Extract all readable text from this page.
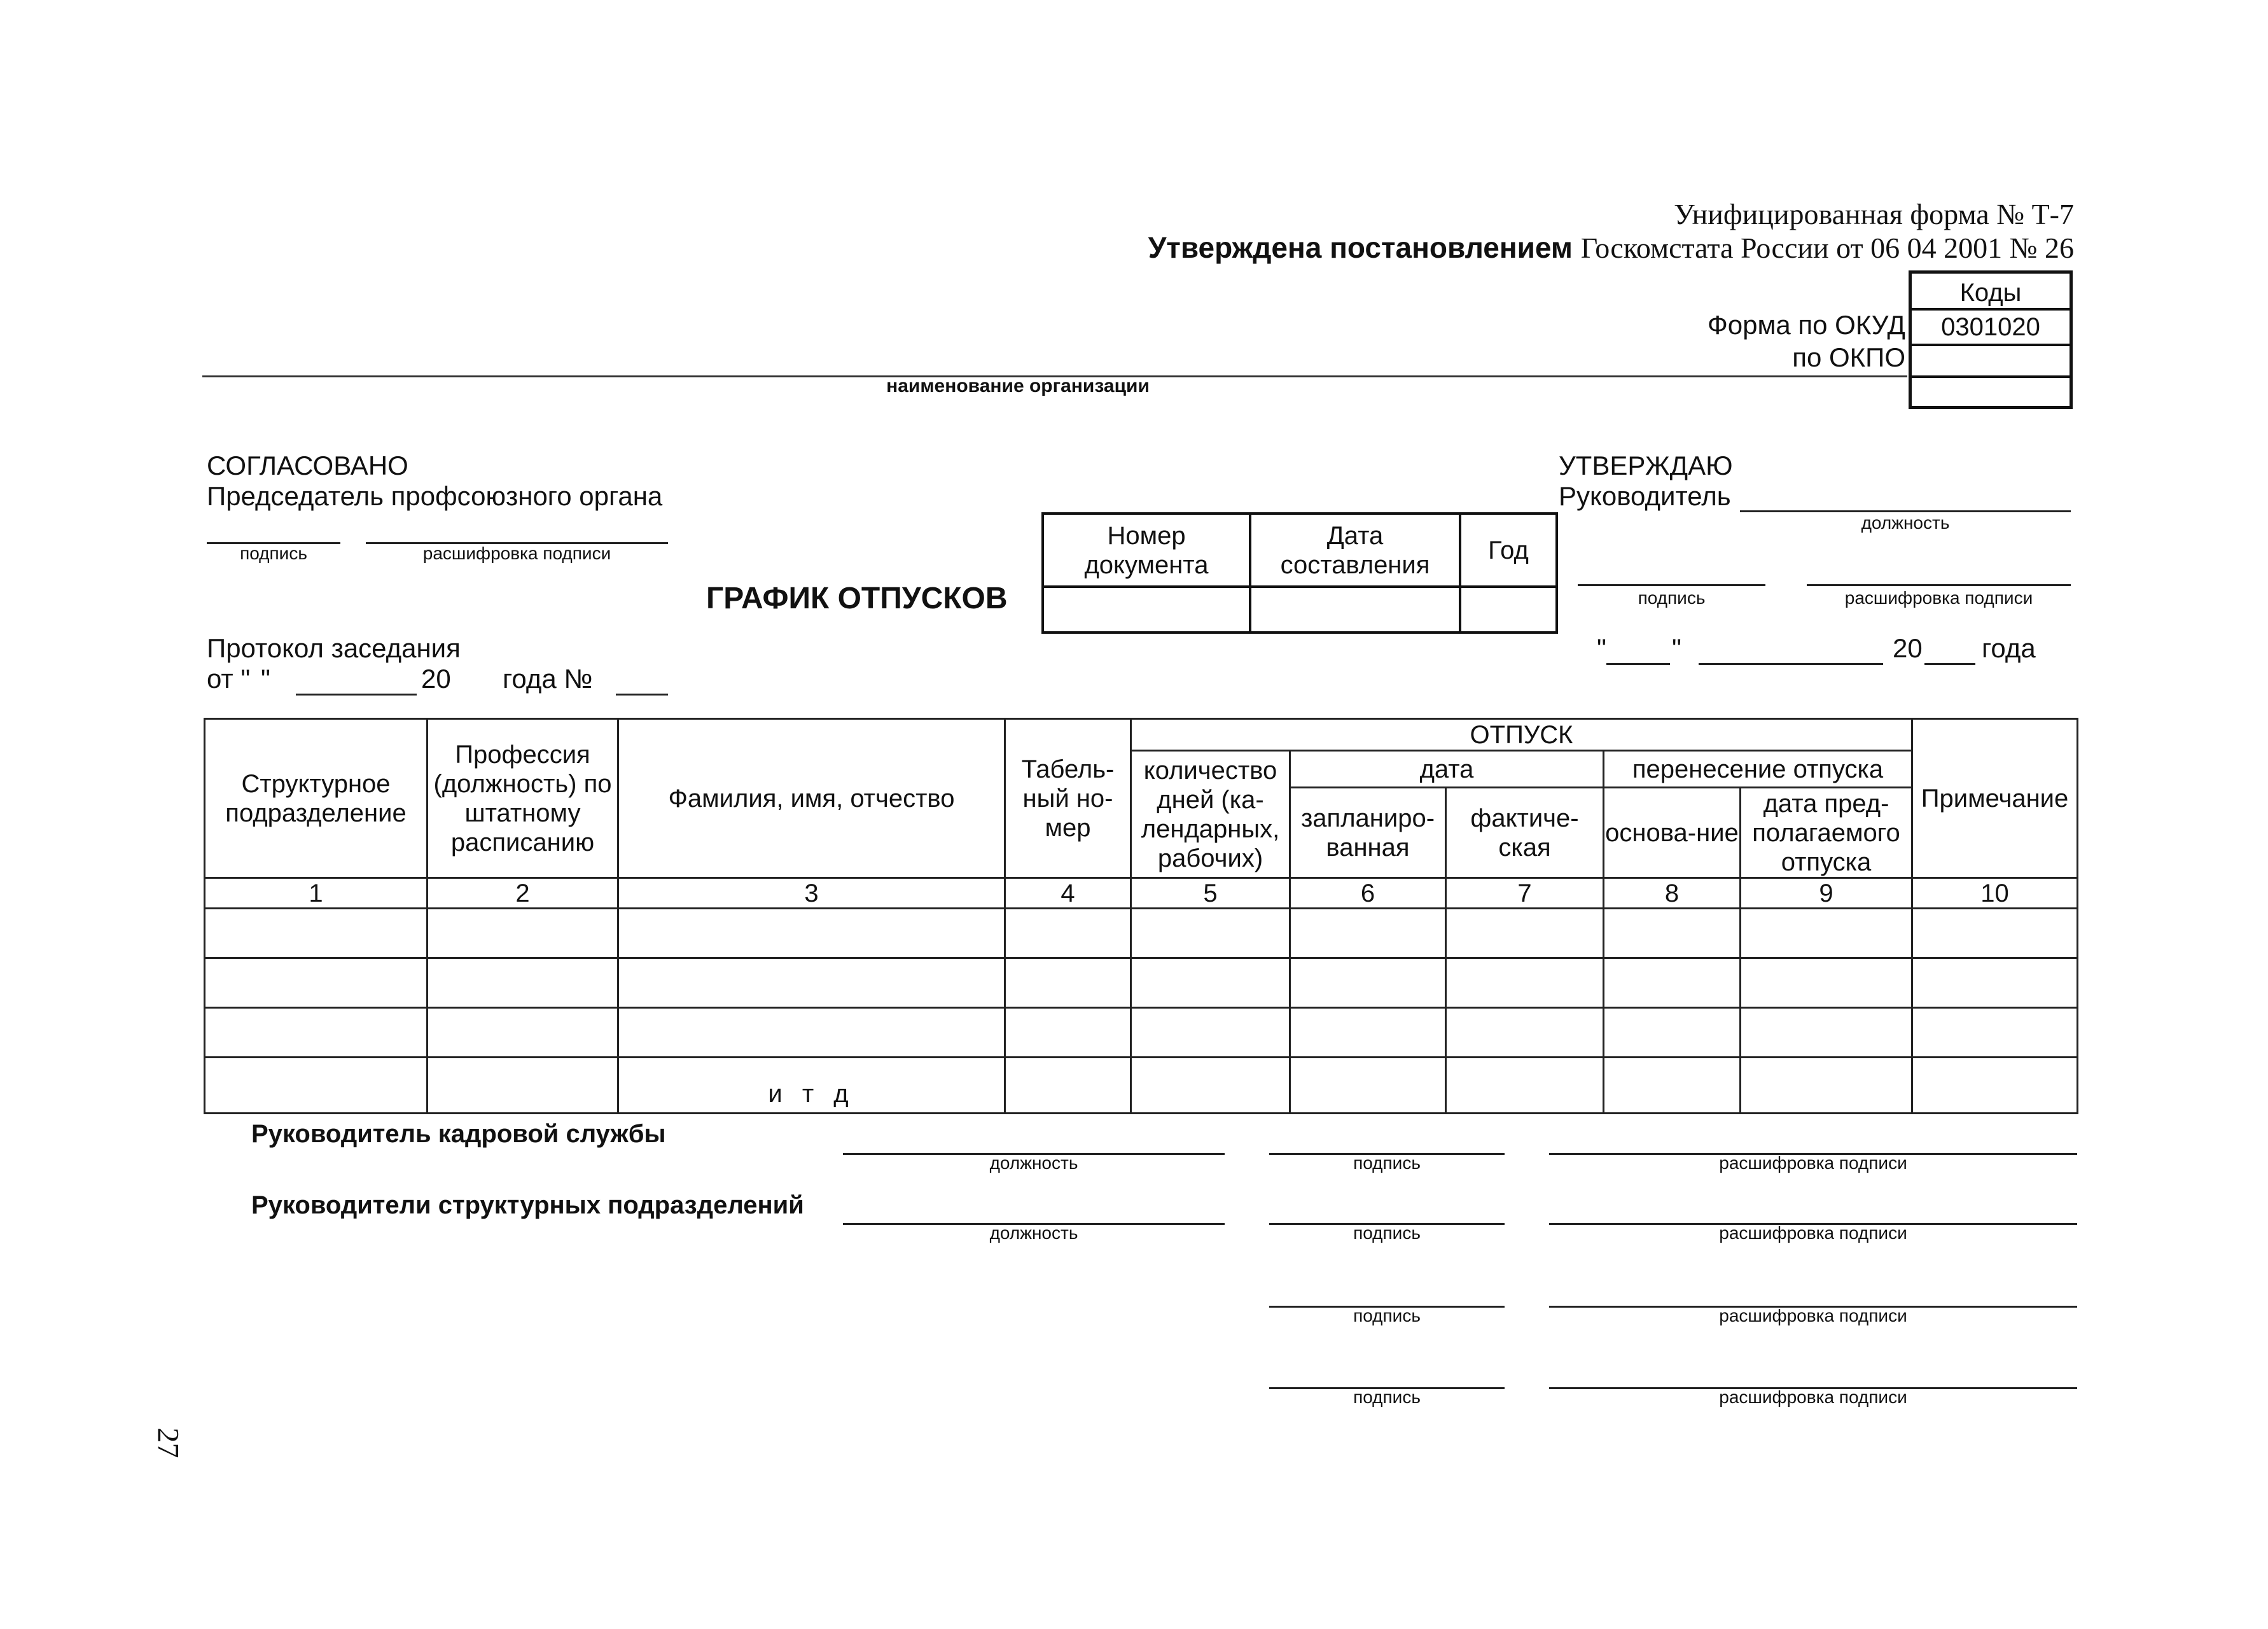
Унифицированная форма № Т-7
Утверждена постановлением Госкомстата России от 06 04 2001 № 26
Коды
0301020
Форма по ОКУД
по ОКПО
наименование организации
СОГЛАСОВАНО
Председатель профсоюзного органа
подпись	расшифровка подписи
ГРАФИК ОТПУСКОВ
Номер документа	Дата составления	Год

УТВЕРЖДАЮ
Руководитель
должность
подпись	расшифровка подписи
" "	20 года
Протокол заседания
от " "	20 года №
Структурное подразделение	Профессия (должность) по штатному расписанию	Фамилия, имя, отчество	Табель-ный но-мер	ОТПУСК					Примечание
				количество дней (ка-лендарных, рабочих)	дата		перенесение отпуска		
					запланиро-ванная	фактиче-ская	основа-ние	дата пред-полагаемого отпуска	
1	2	3	4	5	6	7	8	9	10

		и т д							
Руководитель кадровой службы
Руководители структурных подразделений
должность	подпись	расшифровка подписи
должность	подпись	расшифровка подписи
подпись	расшифровка подписи
подпись	расшифровка подписи
27
